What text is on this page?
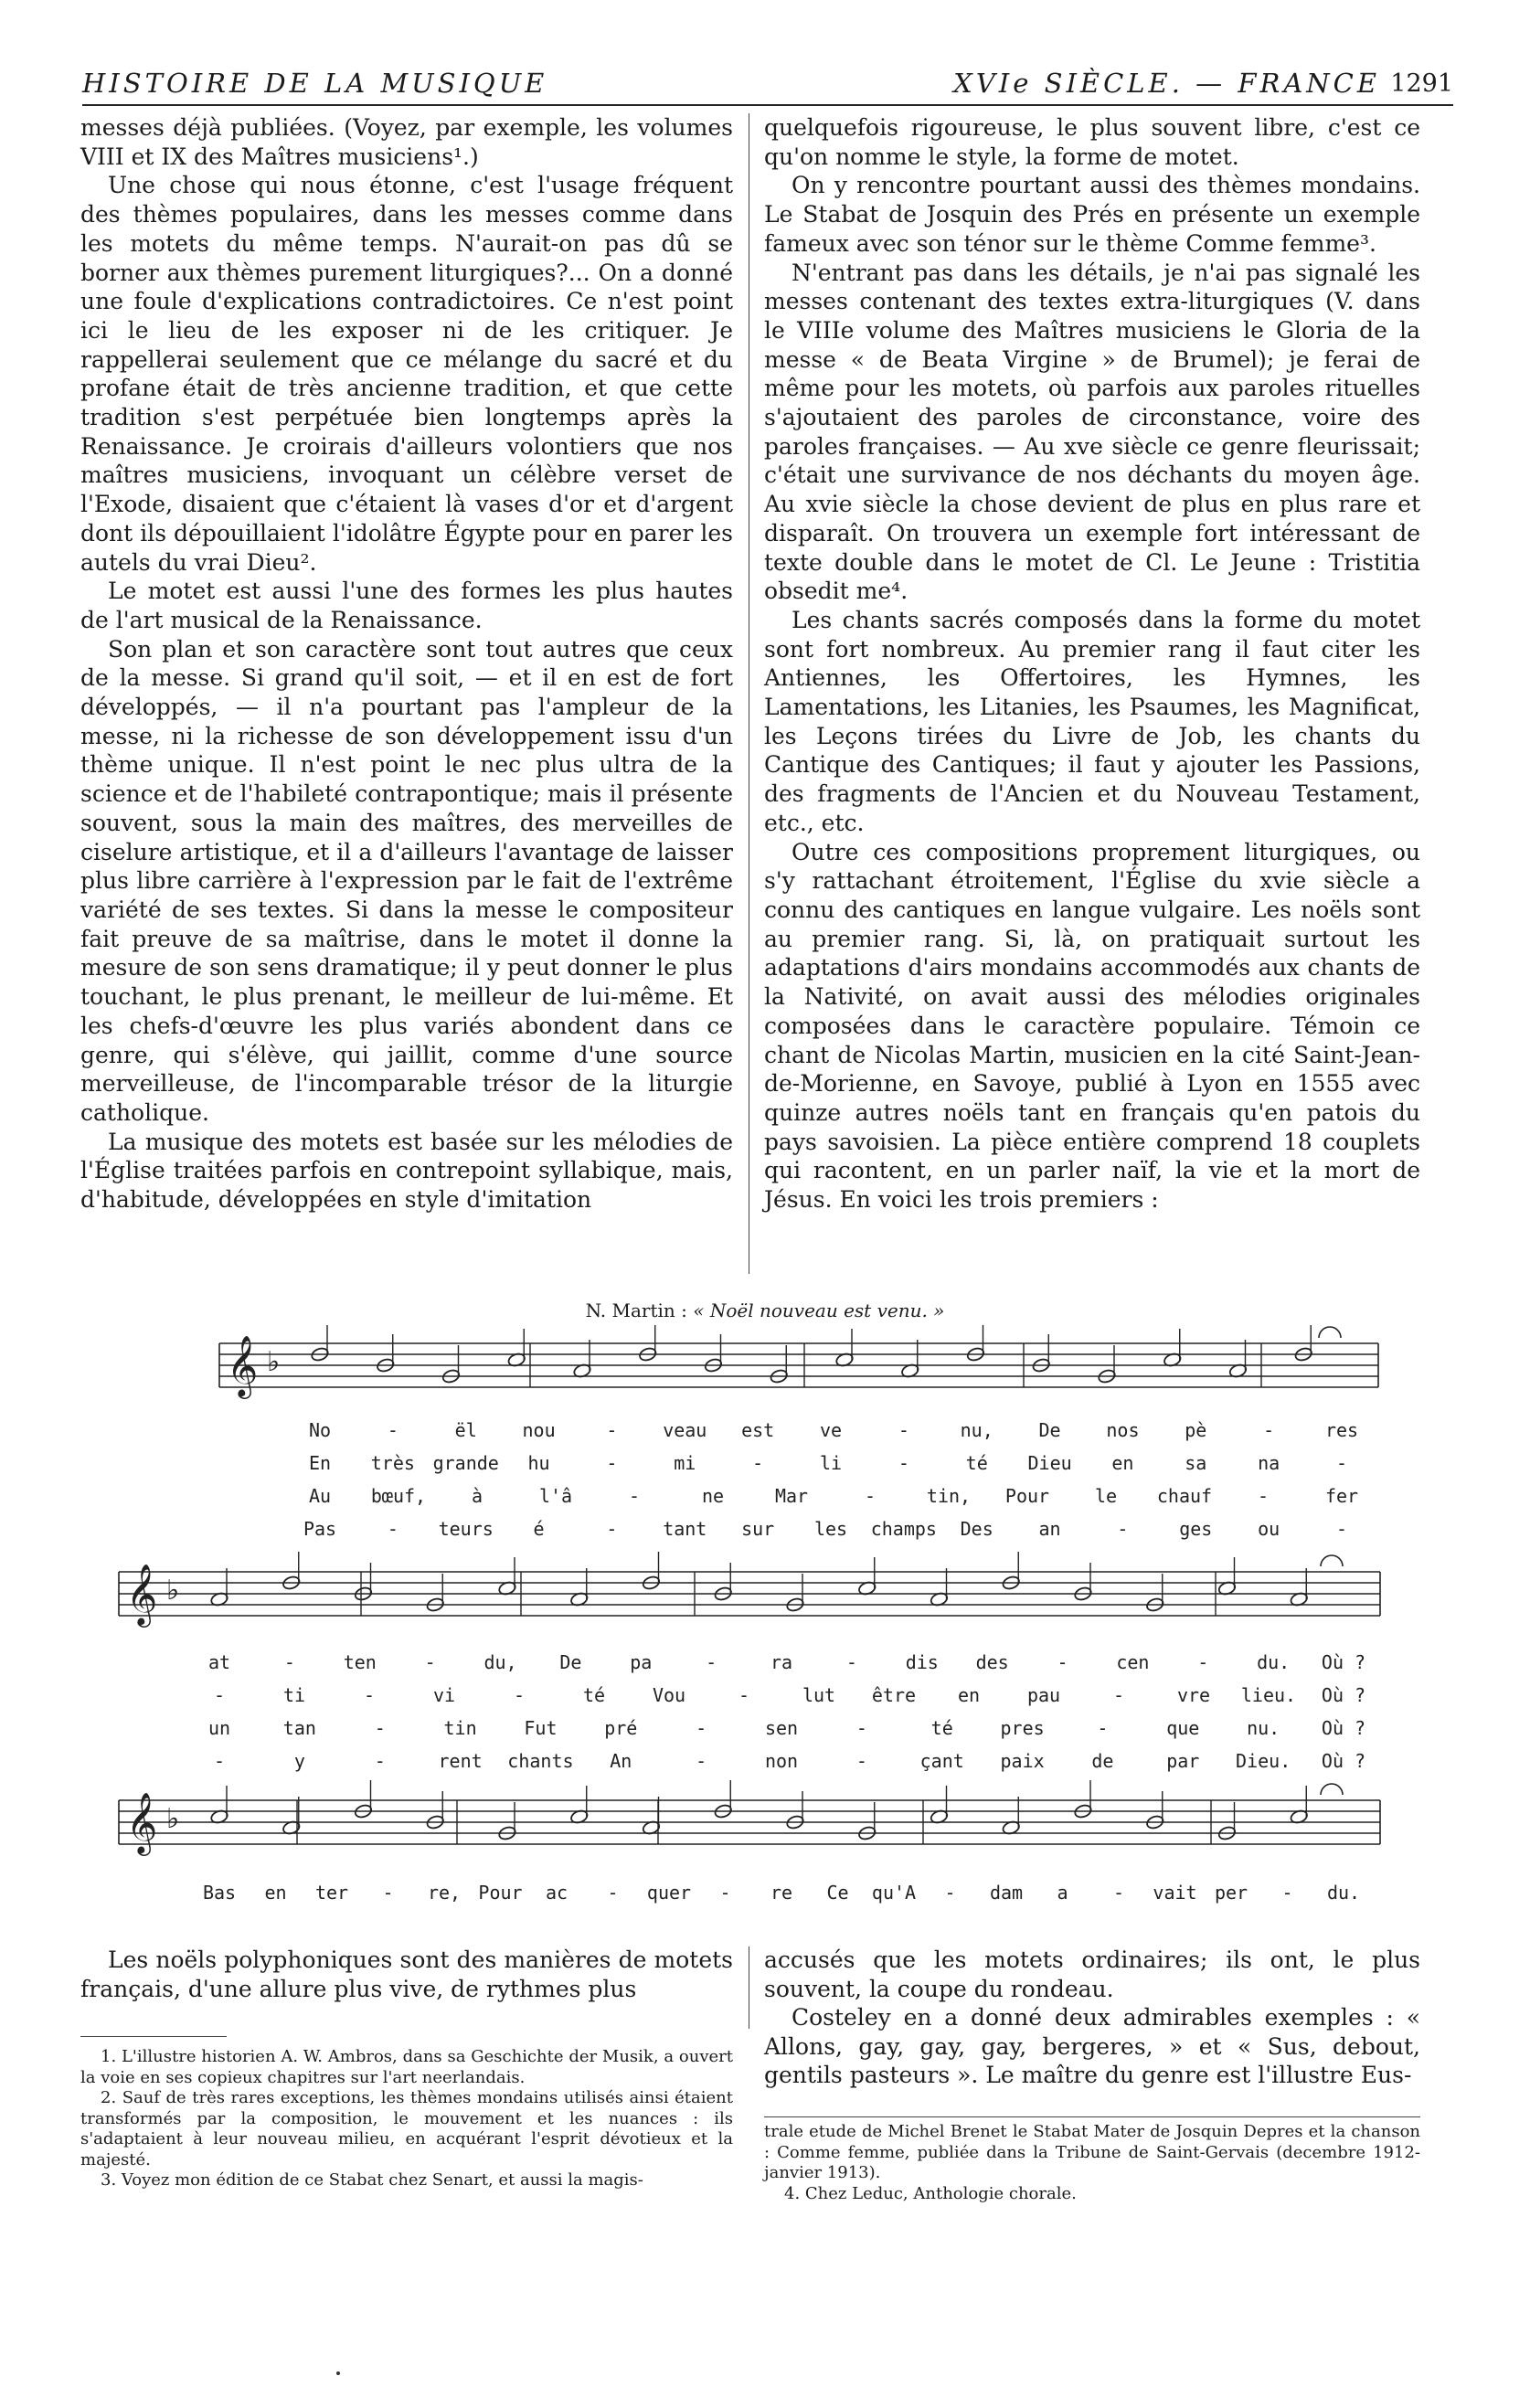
HISTOIRE DE LA MUSIQUE	XVIe SIÈCLE. — FRANCE 1291

messes déjà publiées. (Voyez, par exemple, les volumes VIII et IX des Maîtres musiciens¹.)

Une chose qui nous étonne, c'est l'usage fréquent des thèmes populaires, dans les messes comme dans les motets du même temps. N'aurait-on pas dû se borner aux thèmes purement liturgiques?... On a donné une foule d'explications contradictoires. Ce n'est point ici le lieu de les exposer ni de les critiquer. Je rappellerai seulement que ce mélange du sacré et du profane était de très ancienne tradition, et que cette tradition s'est perpétuée bien longtemps après la Renaissance. Je croirais d'ailleurs volontiers que nos maîtres musiciens, invoquant un célèbre verset de l'Exode, disaient que c'étaient là vases d'or et d'argent dont ils dépouillaient l'idolâtre Égypte pour en parer les autels du vrai Dieu².

Le motet est aussi l'une des formes les plus hautes de l'art musical de la Renaissance.

Son plan et son caractère sont tout autres que ceux de la messe. Si grand qu'il soit, — et il en est de fort développés, — il n'a pourtant pas l'ampleur de la messe, ni la richesse de son développement issu d'un thème unique. Il n'est point le nec plus ultra de la science et de l'habileté contrapontique; mais il présente souvent, sous la main des maîtres, des merveilles de ciselure artistique, et il a d'ailleurs l'avantage de laisser plus libre carrière à l'expression par le fait de l'extrême variété de ses textes. Si dans la messe le compositeur fait preuve de sa maîtrise, dans le motet il donne la mesure de son sens dramatique; il y peut donner le plus touchant, le plus prenant, le meilleur de lui-même. Et les chefs-d'œuvre les plus variés abondent dans ce genre, qui s'élève, qui jaillit, comme d'une source merveilleuse, de l'incomparable trésor de la liturgie catholique.

La musique des motets est basée sur les mélodies de l'Église traitées parfois en contrepoint syllabique, mais, d'habitude, développées en style d'imitation

quelquefois rigoureuse, le plus souvent libre, c'est ce qu'on nomme le style, la forme de motet.

On y rencontre pourtant aussi des thèmes mondains. Le Stabat de Josquin des Prés en présente un exemple fameux avec son ténor sur le thème Comme femme³.

N'entrant pas dans les détails, je n'ai pas signalé les messes contenant des textes extra-liturgiques (V. dans le VIIIe volume des Maîtres musiciens le Gloria de la messe « de Beata Virgine » de Brumel); je ferai de même pour les motets, où parfois aux paroles rituelles s'ajoutaient des paroles de circonstance, voire des paroles françaises. — Au xve siècle ce genre fleurissait; c'était une survivance de nos déchants du moyen âge. Au xvie siècle la chose devient de plus en plus rare et disparaît. On trouvera un exemple fort intéressant de texte double dans le motet de Cl. Le Jeune : Tristitia obsedit me⁴.

Les chants sacrés composés dans la forme du motet sont fort nombreux. Au premier rang il faut citer les Antiennes, les Offertoires, les Hymnes, les Lamentations, les Litanies, les Psaumes, les Magnificat, les Leçons tirées du Livre de Job, les chants du Cantique des Cantiques; il faut y ajouter les Passions, des fragments de l'Ancien et du Nouveau Testament, etc., etc.

Outre ces compositions proprement liturgiques, ou s'y rattachant étroitement, l'Église du xvie siècle a connu des cantiques en langue vulgaire. Les noëls sont au premier rang. Si, là, on pratiquait surtout les adaptations d'airs mondains accommodés aux chants de la Nativité, on avait aussi des mélodies originales composées dans le caractère populaire. Témoin ce chant de Nicolas Martin, musicien en la cité Saint-Jean-de-Morienne, en Savoye, publié à Lyon en 1555 avec quinze autres noëls tant en français qu'en patois du pays savoisien. La pièce entière comprend 18 couplets qui racontent, en un parler naïf, la vie et la mort de Jésus. En voici les trois premiers :

N. Martin : « Noël nouveau est venu. »
𝄞 ♭
𝄞 ♭
𝄞 ♭
No	-	ël nou	- veau est ve	-	nu, De nos pè	-	res
En très grande hu	-	mi	-	li	-	té Dieu en	sa	na	-
Au bœuf, à	l'â	-	ne	Mar	-	tin, Pour le chauf -	fer
Pas	- teurs é	- tant sur les champs Des an	-	ges ou	-
at	-	ten	-	du, De	pa	-	ra	-	dis des	-	cen	-	du. Où ?
-	ti	-	vi	-	té	Vou	-	lut être en	pau	-	vre lieu. Où ?
un	tan	-	tin	Fut	pré	-	sen	-	té	pres	-	que	nu. Où ?
-	y	-	rent chants An	-	non	-	çant paix	de	par Dieu. Où ?
Bas en ter - re, Pour ac - quer - re Ce qu'A - dam a - vait per - du.

Les noëls polyphoniques sont des manières de motets français, d'une allure plus vive, de rythmes plus

accusés que les motets ordinaires; ils ont, le plus souvent, la coupe du rondeau.

Costeley en a donné deux admirables exemples : « Allons, gay, gay, gay, bergeres, » et « Sus, debout, gentils pasteurs ». Le maître du genre est l'illustre Eus-

1. L'illustre historien A. W. Ambros, dans sa Geschichte der Musik, a ouvert la voie en ses copieux chapitres sur l'art neerlandais.

2. Sauf de très rares exceptions, les thèmes mondains utilisés ainsi étaient transformés par la composition, le mouvement et les nuances : ils s'adaptaient à leur nouveau milieu, en acquérant l'esprit dévotieux et la majesté.

3. Voyez mon édition de ce Stabat chez Senart, et aussi la magis-

trale etude de Michel Brenet le Stabat Mater de Josquin Depres et la chanson : Comme femme, publiée dans la Tribune de Saint-Gervais (decembre 1912-janvier 1913).

4. Chez Leduc, Anthologie chorale.
